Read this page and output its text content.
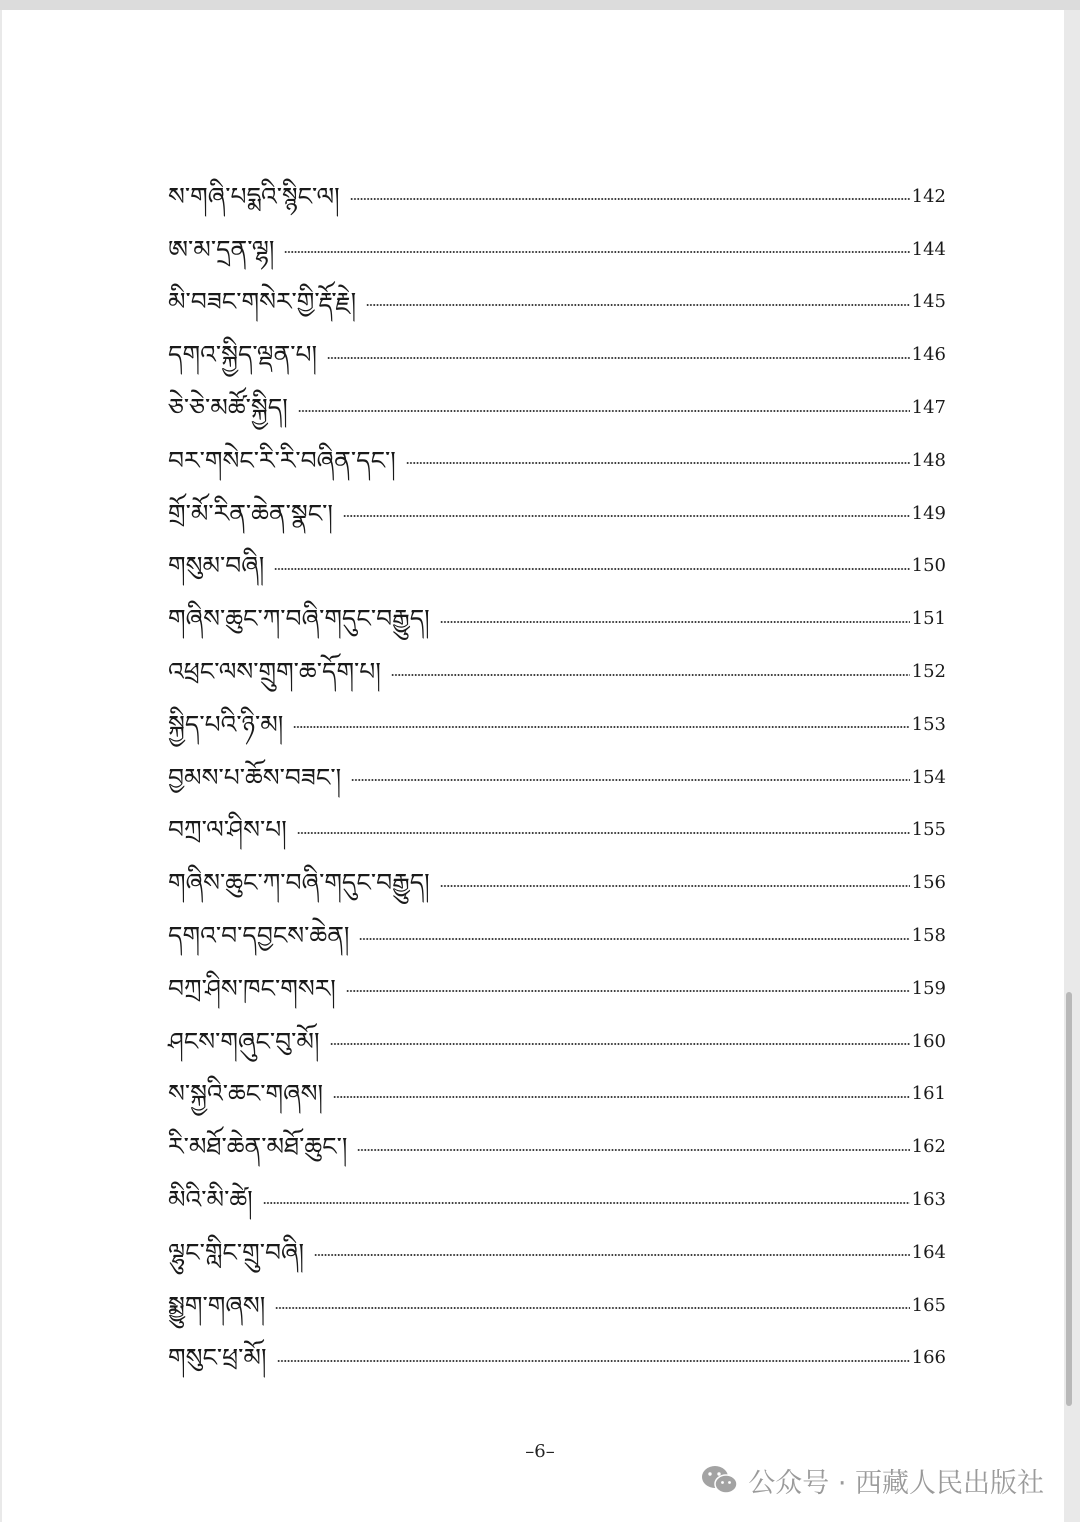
ས་གཞི་པདྨའི་སྙིང་ལ།	142
ཨ་མ་དྲན་ལྷ།	144
མི་བཟང་གསེར་གྱི་རྡོ་རྗེ།	145
དགའ་སྐྱིད་ལྡན་པ།	146
ཅེ་ཅེ་མཚོ་སྐྱིད།	147
བར་གསེང་རི་རི་བཞིན་དང་།	148
གྲོ་མོ་རིན་ཆེན་སྣང་།	149
གསུམ་བཞི།	150
གཞིས་ཆུང་ཀ་བཞི་གདུང་བརྒྱུད།	151
འཕྲང་ལས་གྲུག་ཆ་དོག་པ།	152
སྐྱིད་པའི་ཉི་མ།	153
བྱམས་པ་ཆོས་བཟང་།	154
བཀྲ་ལ་ཤིས་པ།	155
གཞིས་ཆུང་ཀ་བཞི་གདུང་བརྒྱུད།	156
དགའ་བ་དབྱངས་ཆེན།	158
བཀྲ་ཤིས་ཁང་གསར།	159
ཤངས་གཞུང་བུ་མོ།	160
ས་སྐྱའི་ཆང་གཞས།	161
རི་མཐོ་ཆེན་མཐོ་ཆུང་།	162
མིའི་མི་ཚེ།	163
ལྷུང་གླིང་གྲུ་བཞི།	164
སྨྱུག་གཞས།	165
གསུང་ཕྲ་མོ།	166
–6–
公众号 · 西藏人民出版社
